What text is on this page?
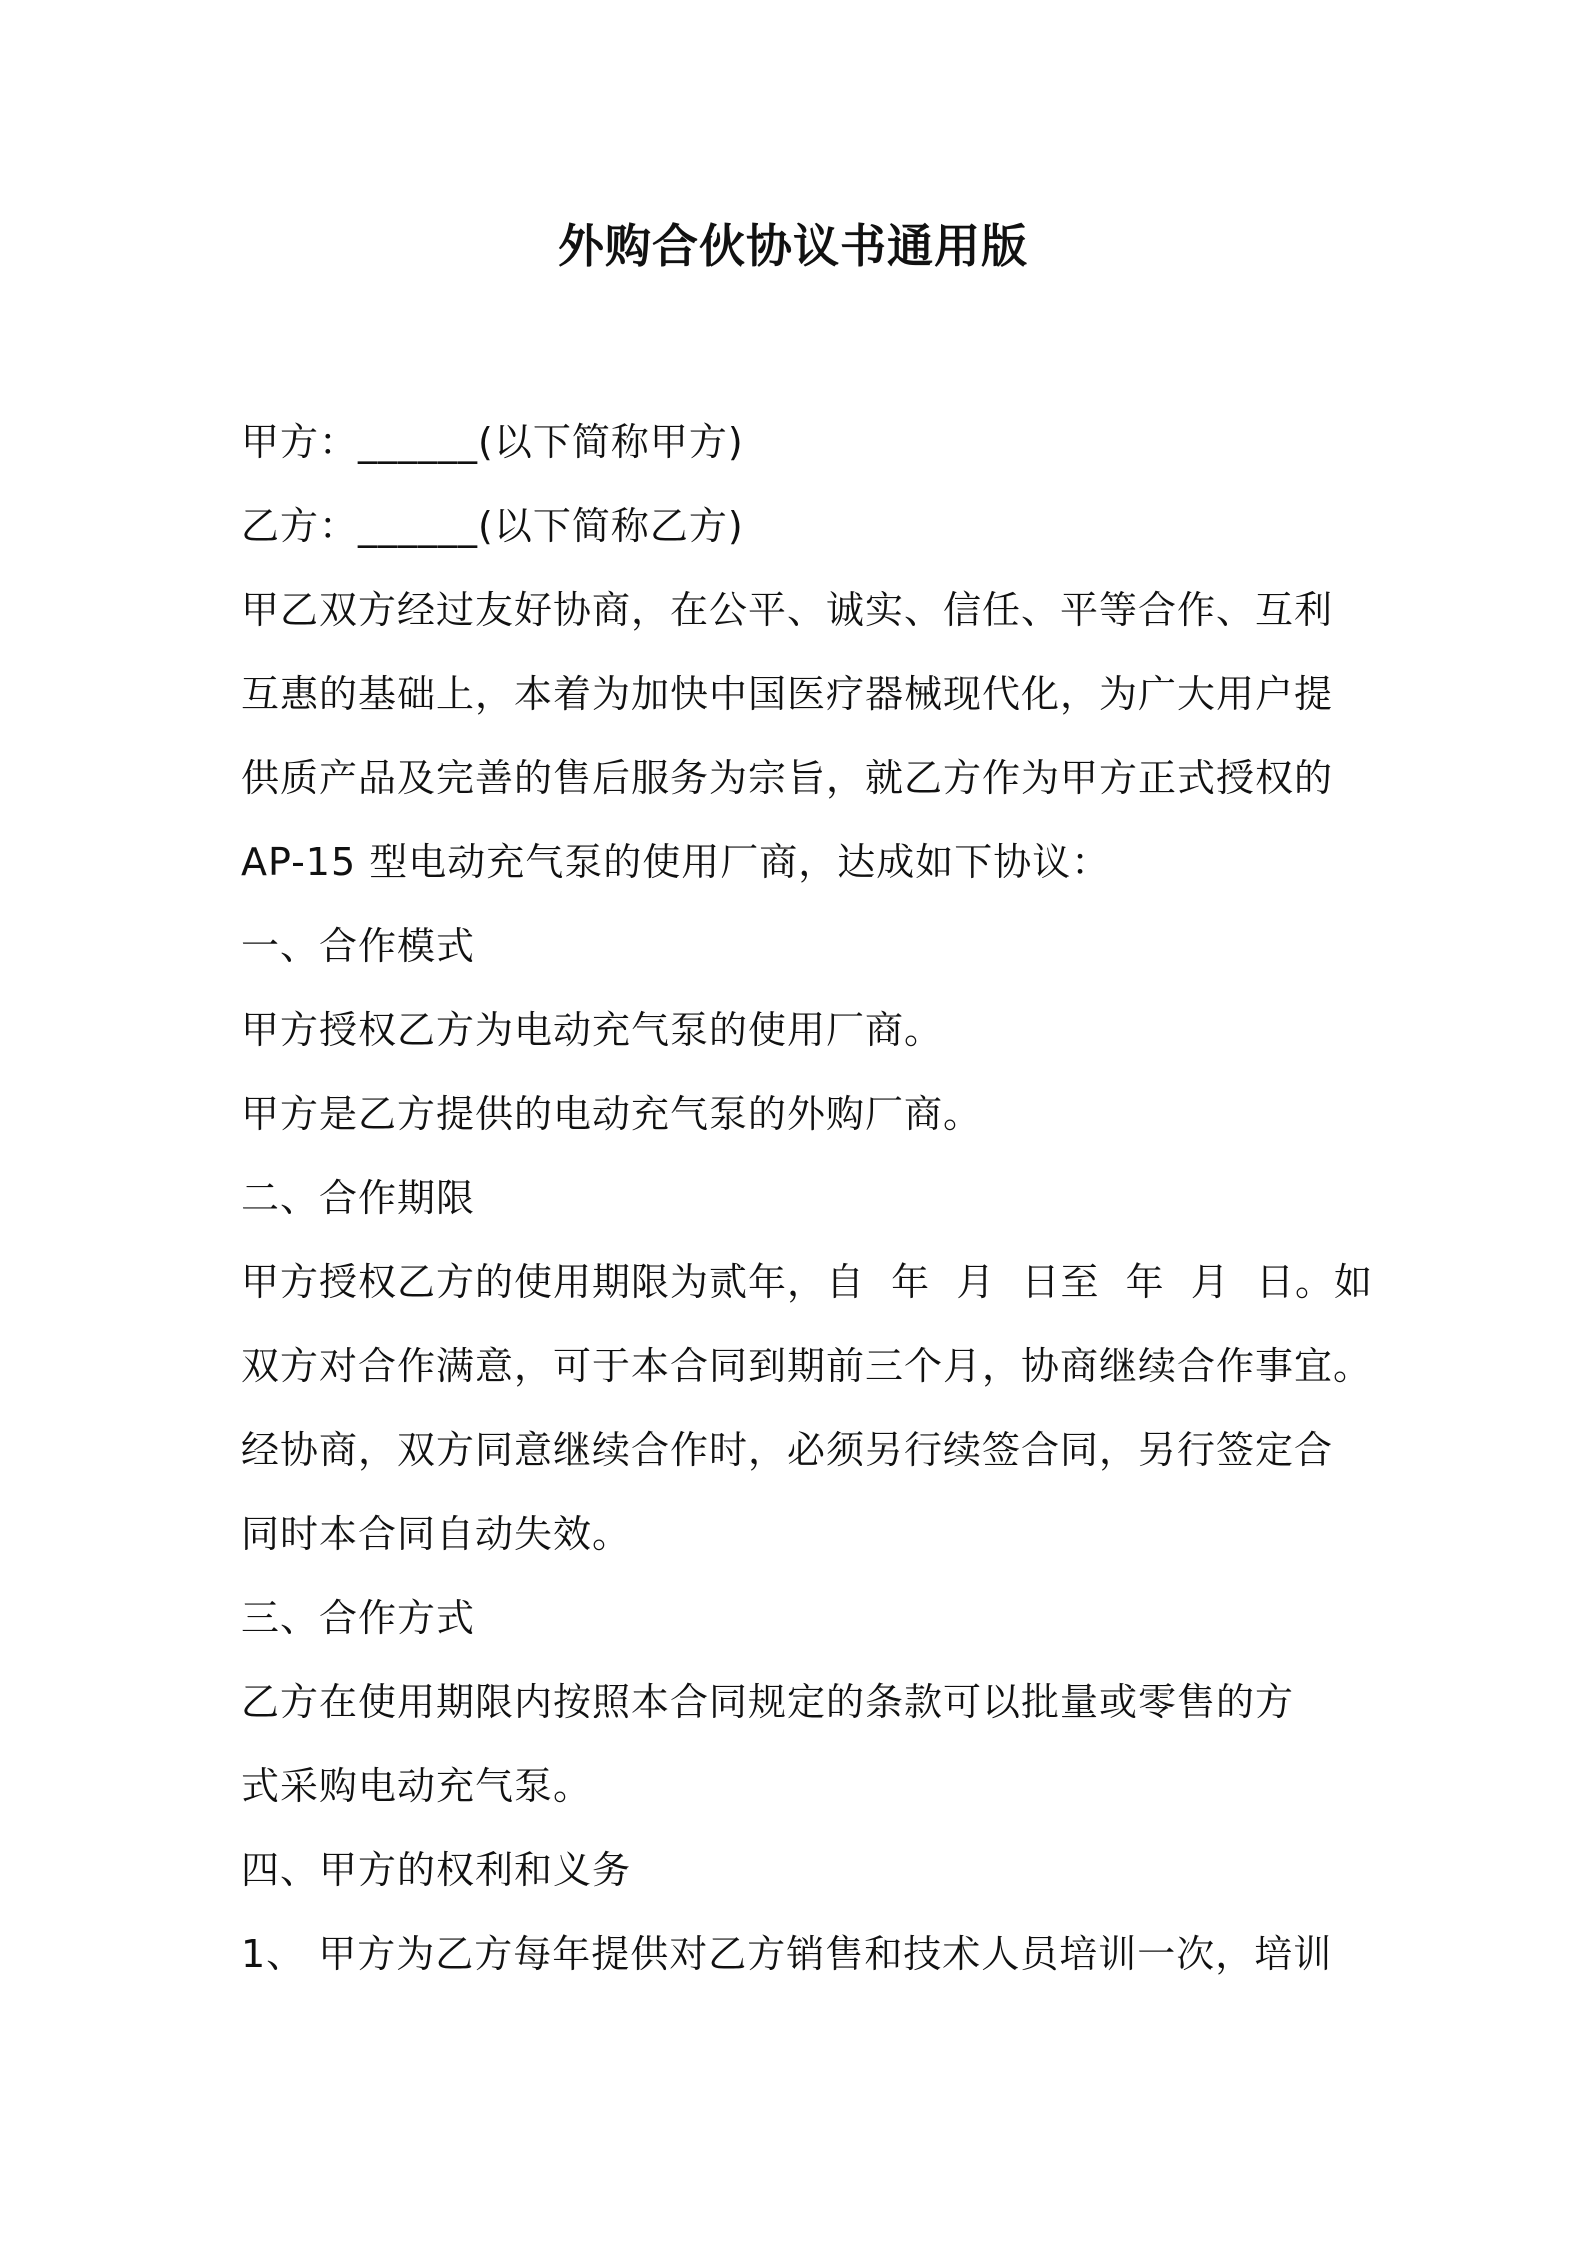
外购合伙协议书通用版
甲方：______(以下简称甲方)
乙方：______(以下简称乙方)
甲乙双方经过友好协商，在公平、诚实、信任、平等合作、互利
互惠的基础上，本着为加快中国医疗器械现代化，为广大用户提
供质产品及完善的售后服务为宗旨，就乙方作为甲方正式授权的
AP-15 型电动充气泵的使用厂商，达成如下协议：
一、合作模式
甲方授权乙方为电动充气泵的使用厂商。
甲方是乙方提供的电动充气泵的外购厂商。
二、合作期限
甲方授权乙方的使用期限为贰年，自  年  月  日至  年  月  日。如
双方对合作满意，可于本合同到期前三个月，协商继续合作事宜。
经协商，双方同意继续合作时，必须另行续签合同，另行签定合
同时本合同自动失效。
三、合作方式
乙方在使用期限内按照本合同规定的条款可以批量或零售的方
式采购电动充气泵。
四、甲方的权利和义务
1、 甲方为乙方每年提供对乙方销售和技术人员培训一次，培训
